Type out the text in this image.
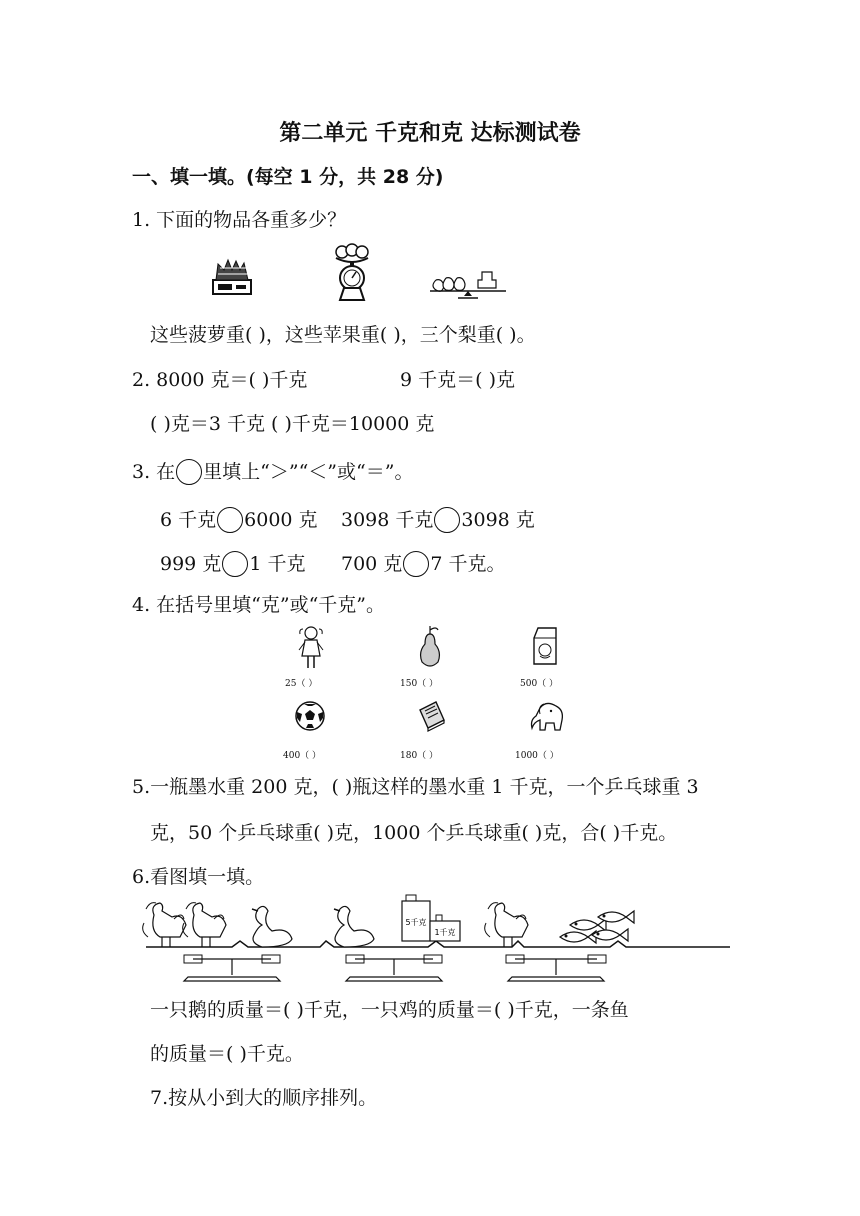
第二单元 千克和克 达标测试卷
一、填一填。(每空 1 分，共 28 分)
1. 下面的物品各重多少？
这些菠萝重( )，这些苹果重( )，三个梨重( )。
2. 8000 克＝( )千克	9 千克＝( )克
( )克＝3 千克 ( )千克＝10000 克
3. 在 里填上“＞”“＜”或“＝”。
6 千克 6000 克 3098 千克 3098 克
999 克 1 千克 700 克 7 千克。
4. 在括号里填“克”或“千克”。
25（ ）	150（ ）	500（ ）
400（ ）	180（ ）	1000（ ）
5.一瓶墨水重 200 克，( )瓶这样的墨水重 1 千克，一个乒乓球重 3
克，50 个乒乓球重( )克，1000 个乒乓球重( )克，合( )千克。
6.看图填一填。
5千克
1千克
一只鹅的质量＝( )千克，一只鸡的质量＝( )千克，一条鱼
的质量＝( )千克。
7.按从小到大的顺序排列。
